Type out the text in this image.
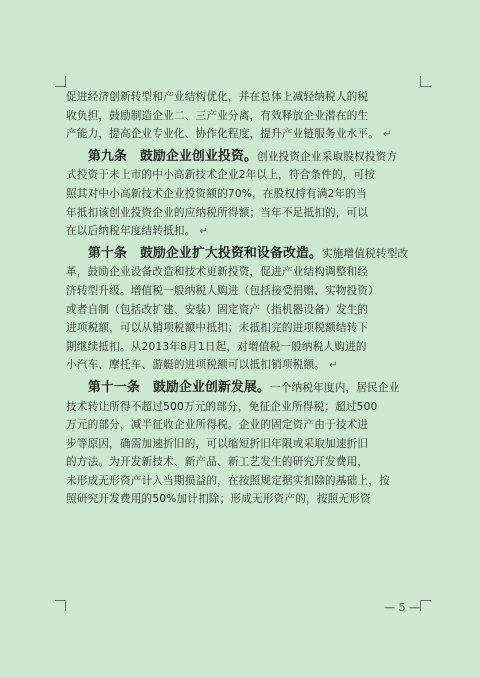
促进经济创新转型和产业结构优化，并在总体上减轻纳税人的税
收负担，鼓励制造企业二、三产业分离，有效释放企业潜在的生
产能力，提高企业专业化、协作化程度，提升产业链服务业水平。 ↵
第九条　鼓励企业创业投资。创业投资企业采取股权投资方
式投资于未上市的中小高新技术企业2年以上，符合条件的，可按
照其对中小高新技术企业投资额的70%，在股权持有满2年的当
年抵扣该创业投资企业的应纳税所得额；当年不足抵扣的，可以
在以后纳税年度结转抵扣。 ↵
第十条　鼓励企业扩大投资和设备改造。实施增值税转型改
革，鼓励企业设备改造和技术更新投资，促进产业结构调整和经
济转型升级。增值税一般纳税人购进（包括接受捐赠、实物投资）
或者自制（包括改扩建、安装）固定资产（指机器设备）发生的
进项税额，可以从销项税额中抵扣；未抵扣完的进项税额结转下
期继续抵扣。从2013年8月1日起，对增值税一般纳税人购进的
小汽车、摩托车、游艇的进项税额可以抵扣销项税额。 ↵
第十一条　鼓励企业创新发展。一个纳税年度内，居民企业
技术转让所得不超过500万元的部分，免征企业所得税；超过500
万元的部分，减半征收企业所得税。企业的固定资产由于技术进
步等原因，确需加速折旧的，可以缩短折旧年限或采取加速折旧
的方法。为开发新技术、新产品、新工艺发生的研究开发费用，
未形成无形资产计入当期损益的，在按照规定据实扣除的基础上，按
照研究开发费用的50%加计扣除；形成无形资产的，按照无形资
— 5 —
